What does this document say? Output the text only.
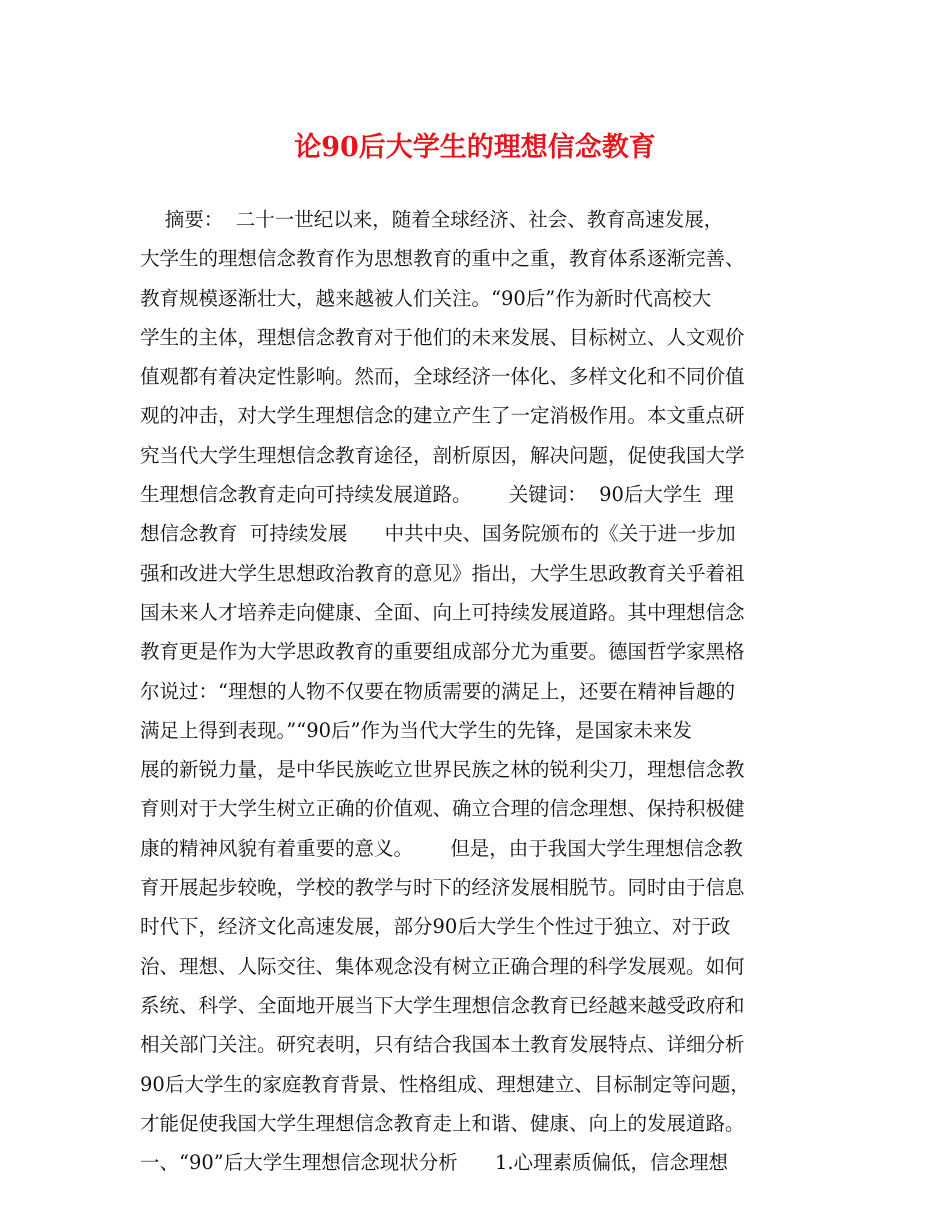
论90后大学生的理想信念教育
摘要：  二十一世纪以来，随着全球经济、社会、教育高速发展，
大学生的理想信念教育作为思想教育的重中之重，教育体系逐渐完善、
教育规模逐渐壮大，越来越被人们关注。“90后”作为新时代高校大
学生的主体，理想信念教育对于他们的未来发展、目标树立、人文观价
值观都有着决定性影响。然而，全球经济一体化、多样文化和不同价值
观的冲击，对大学生理想信念的建立产生了一定消极作用。本文重点研
究当代大学生理想信念教育途径，剖析原因，解决问题，促使我国大学
生理想信念教育走向可持续发展道路。      关键词：  90后大学生  理
想信念教育  可持续发展      中共中央、国务院颁布的《关于进一步加
强和改进大学生思想政治教育的意见》指出，大学生思政教育关乎着祖
国未来人才培养走向健康、全面、向上可持续发展道路。其中理想信念
教育更是作为大学思政教育的重要组成部分尤为重要。德国哲学家黑格
尔说过：“理想的人物不仅要在物质需要的满足上，还要在精神旨趣的
满足上得到表现。”“90后”作为当代大学生的先锋，是国家未来发
展的新锐力量，是中华民族屹立世界民族之林的锐利尖刀，理想信念教
育则对于大学生树立正确的价值观、确立合理的信念理想、保持积极健
康的精神风貌有着重要的意义。      但是，由于我国大学生理想信念教
育开展起步较晚，学校的教学与时下的经济发展相脱节。同时由于信息
时代下，经济文化高速发展，部分90后大学生个性过于独立、对于政
治、理想、人际交往、集体观念没有树立正确合理的科学发展观。如何
系统、科学、全面地开展当下大学生理想信念教育已经越来越受政府和
相关部门关注。研究表明，只有结合我国本土教育发展特点、详细分析
90后大学生的家庭教育背景、性格组成、理想建立、目标制定等问题，
才能促使我国大学生理想信念教育走上和谐、健康、向上的发展道路。
一、“90”后大学生理想信念现状分析      1.心理素质偏低，信念理想
